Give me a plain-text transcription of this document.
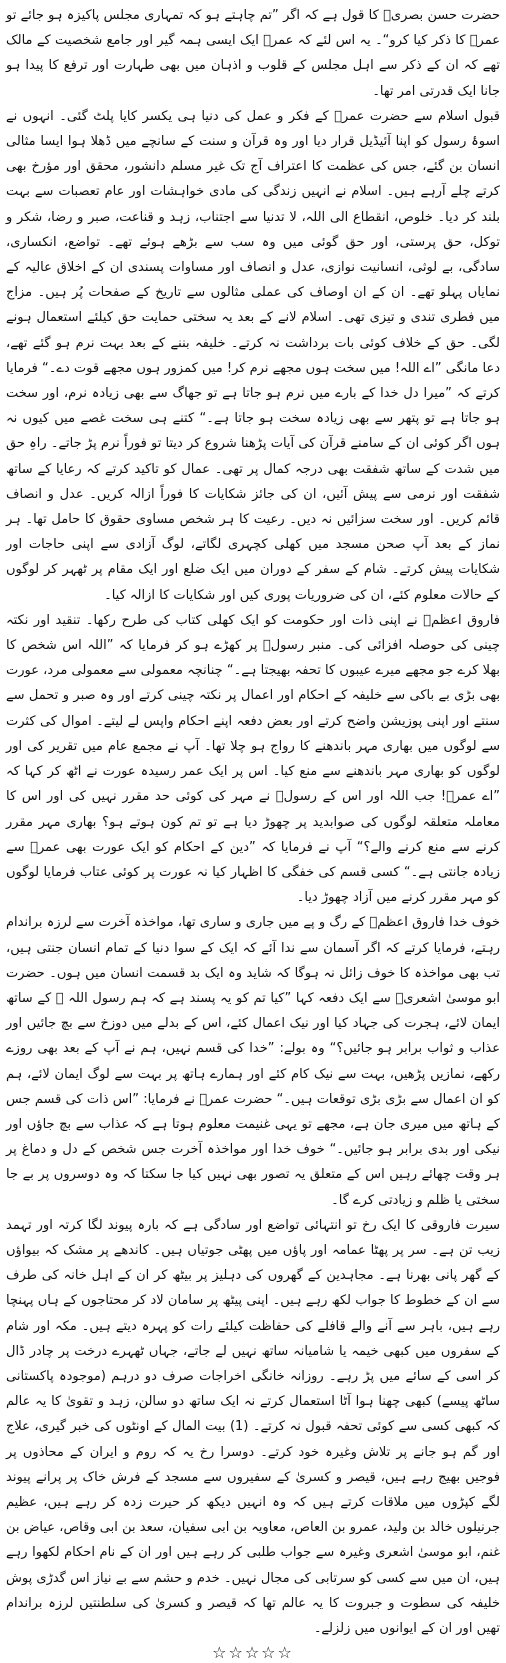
حضرت حسن بصریؒ کا قول ہے کہ اگر ”تم چاہتے ہو کہ تمہاری مجلس پاکیزہ ہو جائے تو عمرؓ کا ذکر کیا کرو“۔ یہ اس لئے کہ عمرؓ ایک ایسی ہمہ گیر اور جامع شخصیت کے مالک تھے کہ ان کے ذکر سے اہل مجلس کے قلوب و اذہان میں بھی طہارت اور ترفع کا پیدا ہو جانا ایک قدرتی امر تھا۔

قبول اسلام سے حضرت عمرؓ کے فکر و عمل کی دنیا ہی یکسر کایا پلٹ گئی۔ انہوں نے اسوۂ رسول کو اپنا آئیڈیل قرار دیا اور وہ قرآن و سنت کے سانچے میں ڈھلا ہوا ایسا مثالی انسان بن گئے، جس کی عظمت کا اعتراف آج تک غیر مسلم دانشور، محقق اور مؤرخ بھی کرتے چلے آرہے ہیں۔ اسلام نے انہیں زندگی کی مادی خواہشات اور عام تعصبات سے بہت بلند کر دیا۔ خلوص، انقطاع الی اللہ، لا تدنیا سے اجتناب، زہد و قناعت، صبر و رضا، شکر و توکل، حق پرستی، اور حق گوئی میں وہ سب سے بڑھے ہوئے تھے۔ تواضع، انکساری، سادگی، بے لوثی، انسانیت نوازی، عدل و انصاف اور مساوات پسندی ان کے اخلاق عالیہ کے نمایاں پہلو تھے۔ ان کے ان اوصاف کی عملی مثالوں سے تاریخ کے صفحات پُر ہیں۔ مزاج میں فطری تندی و تیزی تھی۔ اسلام لانے کے بعد یہ سختی حمایت حق کیلئے استعمال ہونے لگی۔ حق کے خلاف کوئی بات برداشت نہ کرتے۔ خلیفہ بننے کے بعد بہت نرم ہو گئے تھے، دعا مانگی ”اے اللہ! میں سخت ہوں مجھے نرم کر! میں کمزور ہوں مجھے قوت دے۔“ فرمایا کرتے کہ ”میرا دل خدا کے بارے میں نرم ہو جاتا ہے تو جھاگ سے بھی زیادہ نرم، اور سخت ہو جاتا ہے تو پتھر سے بھی زیادہ سخت ہو جاتا ہے۔“ کتنے ہی سخت غصے میں کیوں نہ ہوں اگر کوئی ان کے سامنے قرآن کی آیات پڑھنا شروع کر دیتا تو فوراً نرم پڑ جاتے۔ راہِ حق میں شدت کے ساتھ شفقت بھی درجہ کمال پر تھی۔ عمال کو تاکید کرتے کہ رعایا کے ساتھ شفقت اور نرمی سے پیش آئیں، ان کی جائز شکایات کا فوراً ازالہ کریں۔ عدل و انصاف قائم کریں۔ اور سخت سزائیں نہ دیں۔ رعیت کا ہر شخص مساوی حقوق کا حامل تھا۔ ہر نماز کے بعد آپ صحن مسجد میں کھلی کچہری لگاتے، لوگ آزادی سے اپنی حاجات اور شکایات پیش کرتے۔ شام کے سفر کے دوران میں ایک ضلع اور ایک مقام پر ٹھہر کر لوگوں کے حالات معلوم کئے، ان کی ضروریات پوری کیں اور شکایات کا ازالہ کیا۔

فاروق اعظمؓ نے اپنی ذات اور حکومت کو ایک کھلی کتاب کی طرح رکھا۔ تنقید اور نکتہ چینی کی حوصلہ افزائی کی۔ منبر رسولؐ پر کھڑے ہو کر فرمایا کہ ”اللہ اس شخص کا بھلا کرے جو مجھے میرے عیبوں کا تحفہ بھیجتا ہے۔“ چنانچہ معمولی سے معمولی مرد، عورت بھی بڑی بے باکی سے خلیفہ کے احکام اور اعمال پر نکتہ چینی کرتے اور وہ صبر و تحمل سے سنتے اور اپنی پوزیشن واضح کرتے اور بعض دفعہ اپنے احکام واپس لے لیتے۔ اموال کی کثرت سے لوگوں میں بھاری مہر باندھنے کا رواج ہو چلا تھا۔ آپ نے مجمع عام میں تقریر کی اور لوگوں کو بھاری مہر باندھنے سے منع کیا۔ اس پر ایک عمر رسیدہ عورت نے اٹھ کر کہا کہ ”اے عمرؓ! جب اللہ اور اس کے رسولؐ نے مہر کی کوئی حد مقرر نہیں کی اور اس کا معاملہ متعلقہ لوگوں کی صوابدید پر چھوڑ دیا ہے تو تم کون ہوتے ہو؟ بھاری مہر مقرر کرنے سے منع کرنے والے؟“ آپ نے فرمایا کہ ”دین کے احکام کو ایک عورت بھی عمرؓ سے زیادہ جانتی ہے۔“ کسی قسم کی خفگی کا اظہار کیا نہ عورت پر کوئی عتاب فرمایا لوگوں کو مہر مقرر کرنے میں آزاد چھوڑ دیا۔

خوف خدا فاروق اعظمؓ کے رگ و پے میں جاری و ساری تھا، مواخذہ آخرت سے لرزہ براندام رہتے، فرمایا کرتے کہ اگر آسمان سے ندا آئے کہ ایک کے سوا دنیا کے تمام انسان جنتی ہیں، تب بھی مواخذہ کا خوف زائل نہ ہوگا کہ شاید وہ ایک بد قسمت انسان میں ہوں۔ حضرت ابو موسیٰ اشعریؓ سے ایک دفعہ کہا ”کیا تم کو یہ پسند ہے کہ ہم رسول اللہ ﷺ کے ساتھ ایمان لائے، ہجرت کی جہاد کیا اور نیک اعمال کئے، اس کے بدلے میں دوزخ سے بچ جائیں اور عذاب و ثواب برابر ہو جائیں؟“ وہ بولے: ”خدا کی قسم نہیں، ہم نے آپ کے بعد بھی روزے رکھے، نمازیں پڑھیں، بہت سے نیک کام کئے اور ہمارے ہاتھ پر بہت سے لوگ ایمان لائے، ہم کو ان اعمال سے بڑی بڑی توقعات ہیں۔“ حضرت عمرؓ نے فرمایا: ”اس ذات کی قسم جس کے ہاتھ میں میری جان ہے، مجھے تو یہی غنیمت معلوم ہوتا ہے کہ عذاب سے بچ جاؤں اور نیکی اور بدی برابر ہو جائیں۔“ خوف خدا اور مواخذہ آخرت جس شخص کے دل و دماغ پر ہر وقت چھائے رہیں اس کے متعلق یہ تصور بھی نہیں کیا جا سکتا کہ وہ دوسروں پر بے جا سختی یا ظلم و زیادتی کرے گا۔

سیرت فاروقی کا ایک رخ تو انتہائی تواضع اور سادگی ہے کہ بارہ پیوند لگا کرتہ اور تہمد زیب تن ہے۔ سر پر پھٹا عمامہ اور پاؤں میں پھٹی جوتیاں ہیں۔ کاندھے پر مشک کہ بیواؤں کے گھر پانی بھرنا ہے۔ مجاہدین کے گھروں کی دہلیز پر بیٹھ کر ان کے اہل خانہ کی طرف سے ان کے خطوط کا جواب لکھ رہے ہیں۔ اپنی پیٹھ پر سامان لاد کر محتاجوں کے ہاں پہنچا رہے ہیں، باہر سے آنے والے قافلے کی حفاظت کیلئے رات کو پہرہ دیتے ہیں۔ مکہ اور شام کے سفروں میں کبھی خیمہ یا شامیانہ ساتھ نہیں لے جاتے، جہاں ٹھہرے درخت پر چادر ڈال کر اسی کے سائے میں پڑ رہے۔ روزانہ خانگی اخراجات صرف دو درہم (موجودہ پاکستانی ساٹھ پیسے) کبھی چھنا ہوا آٹا استعمال کرتے نہ ایک ساتھ دو سالن، زہد و تقویٰ کا یہ عالم کہ کبھی کسی سے کوئی تحفہ قبول نہ کرتے۔ (1) بیت المال کے اونٹوں کی خبر گیری، علاج اور گم ہو جانے پر تلاش وغیرہ خود کرتے۔ دوسرا رخ یہ کہ روم و ایران کے محاذوں پر فوجیں بھیج رہے ہیں، قیصر و کسریٰ کے سفیروں سے مسجد کے فرش خاک پر پرانے پیوند لگے کپڑوں میں ملاقات کرتے ہیں کہ وہ انہیں دیکھ کر حیرت زدہ کر رہے ہیں، عظیم جرنیلوں خالد بن ولید، عمرو بن العاص، معاویہ بن ابی سفیان، سعد بن ابی وقاص، عیاض بن غنم، ابو موسیٰ اشعری وغیرہ سے جواب طلبی کر رہے ہیں اور ان کے نام احکام لکھوا رہے ہیں، ان میں سے کسی کو سرتابی کی مجال نہیں۔ خدم و حشم سے بے نیاز اس گدڑی پوش خلیفہ کی سطوت و جبروت کا یہ عالم تھا کہ قیصر و کسریٰ کی سلطنتیں لرزہ براندام تھیں اور ان کے ایوانوں میں زلزلے۔

☆☆☆☆☆
